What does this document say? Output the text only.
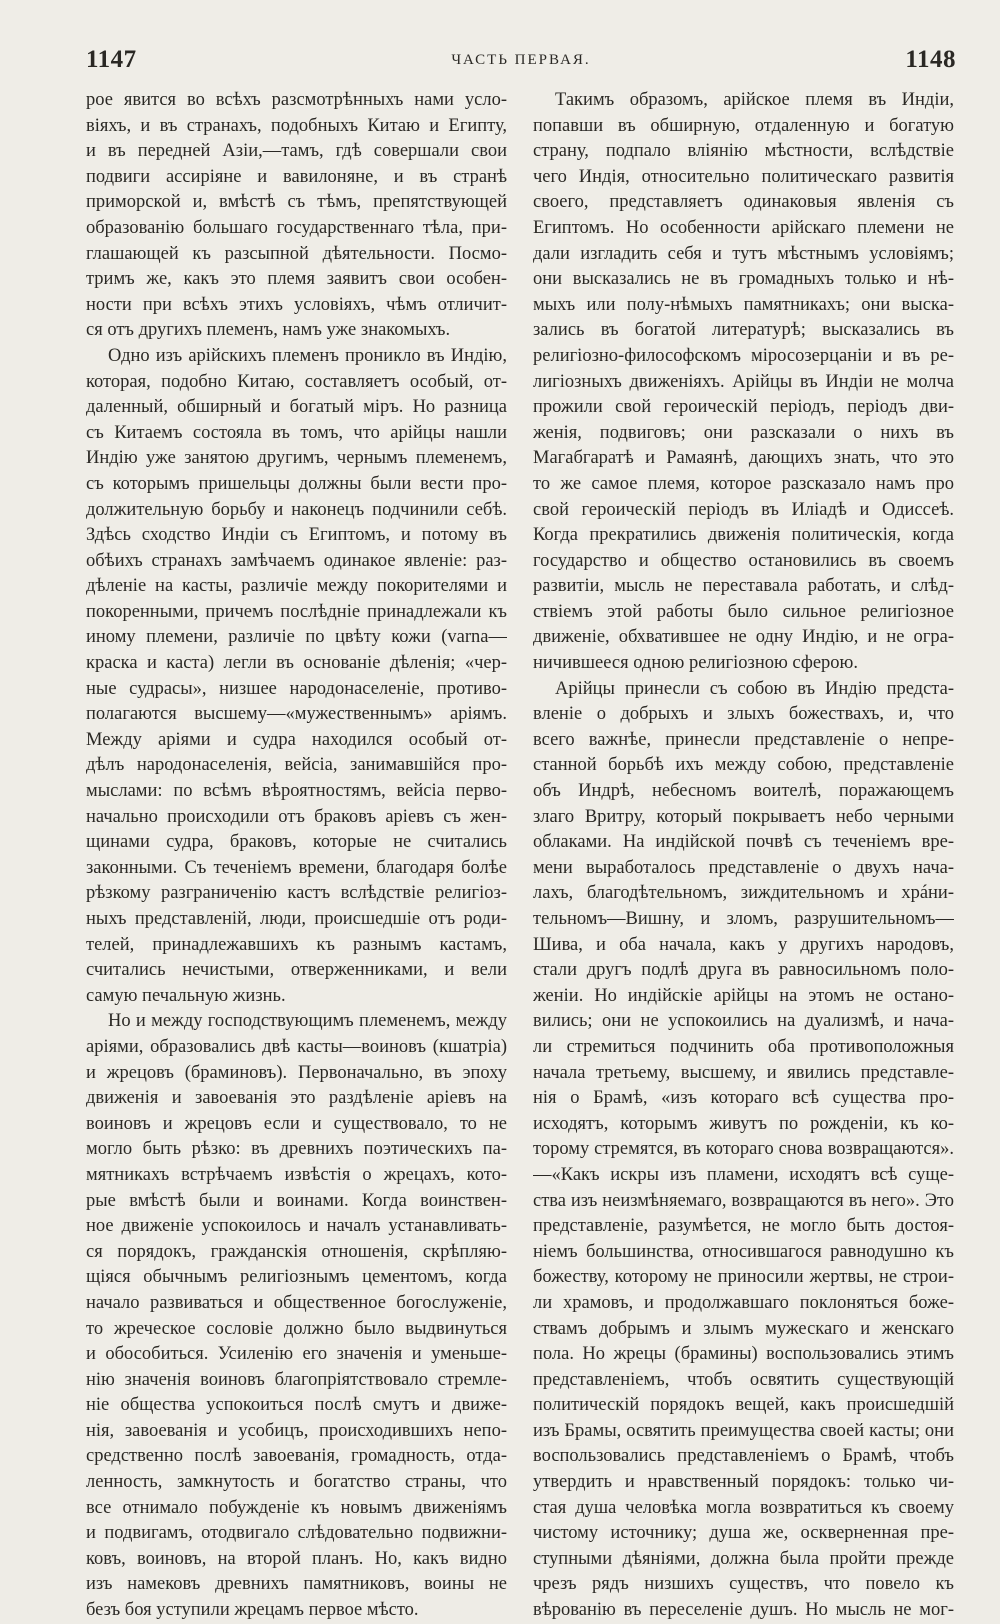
1147	ЧАСТЬ ПЕРВАЯ.	1148
рое явится во всѣхъ разсмотрѣнныхъ нами усло-
віяхъ, и въ странахъ, подобныхъ Китаю и Египту,
и въ передней Азіи,—тамъ, гдѣ совершали свои
подвиги ассиріяне и вавилоняне, и въ странѣ
приморской и, вмѣстѣ съ тѣмъ, препятствующей
образованію большаго государственнаго тѣла, при-
глашающей къ разсыпной дѣятельности. Посмо-
тримъ же, какъ это племя заявитъ свои особен-
ности при всѣхъ этихъ условіяхъ, чѣмъ отличит-
ся отъ другихъ племенъ, намъ уже знакомыхъ.
Одно изъ арійскихъ племенъ проникло въ Индію,
которая, подобно Китаю, составляетъ особый, от-
даленный, обширный и богатый міръ. Но разница
съ Китаемъ состояла въ томъ, что арійцы нашли
Индію уже занятою другимъ, чернымъ племенемъ,
съ которымъ пришельцы должны были вести про-
должительную борьбу и наконецъ подчинили себѣ.
Здѣсь сходство Индіи съ Египтомъ, и потому въ
обѣихъ странахъ замѣчаемъ одинакое явленіе: раз-
дѣленіе на касты, различіе между покорителями и
покоренными, причемъ послѣдніе принадлежали къ
иному племени, различіе по цвѣту кожи (varna—
краска и каста) легли въ основаніе дѣленія; «чер-
ные судрасы», низшее народонаселеніе, противо-
полагаются высшему—«мужественнымъ» аріямъ.
Между аріями и судра находился особый от-
дѣлъ народонаселенія, вейсіа, занимавшійся про-
мыслами: по всѣмъ вѣроятностямъ, вейсіа перво-
начально происходили отъ браковъ аріевъ съ жен-
щинами судра, браковъ, которые не считались
законными. Съ теченіемъ времени, благодаря болѣе
рѣзкому разграниченію кастъ вслѣдствіе религіоз-
ныхъ представленій, люди, происшедшіе отъ роди-
телей, принадлежавшихъ къ разнымъ кастамъ,
считались нечистыми, отверженниками, и вели
самую печальную жизнь.
Но и между господствующимъ племенемъ, между
аріями, образовались двѣ касты—воиновъ (кшатріа)
и жрецовъ (браминовъ). Первоначально, въ эпоху
движенія и завоеванія это раздѣленіе аріевъ на
воиновъ и жрецовъ если и существовало, то не
могло быть рѣзко: въ древнихъ поэтическихъ па-
мятникахъ встрѣчаемъ извѣстія о жрецахъ, кото-
рые вмѣстѣ были и воинами. Когда воинствен-
ное движеніе успокоилось и началъ устанавливать-
ся порядокъ, гражданскія отношенія, скрѣпляю-
щіяся обычнымъ религіознымъ цементомъ, когда
начало развиваться и общественное богослуженіе,
то жреческое сословіе должно было выдвинуться
и обособиться. Усиленію его значенія и уменьше-
нію значенія воиновъ благопріятствовало стремле-
ніе общества успокоиться послѣ смутъ и движе-
нія, завоеванія и усобицъ, происходившихъ непо-
средственно послѣ завоеванія, громадность, отда-
ленность, замкнутость и богатство страны, что
все отнимало побужденіе къ новымъ движеніямъ
и подвигамъ, отодвигало слѣдовательно подвижни-
ковъ, воиновъ, на второй планъ. Но, какъ видно
изъ намековъ древнихъ памятниковъ, воины не
безъ боя уступили жрецамъ первое мѣсто.
Такимъ образомъ, арійское племя въ Индіи,
попавши въ обширную, отдаленную и богатую
страну, подпало вліянію мѣстности, вслѣдствіе
чего Индія, относительно политическаго развитія
своего, представляетъ одинаковыя явленія съ
Египтомъ. Но особенности арійскаго племени не
дали изгладить себя и тутъ мѣстнымъ условіямъ;
они высказались не въ громадныхъ только и нѣ-
мыхъ или полу-нѣмыхъ памятникахъ; они выска-
зались въ богатой литературѣ; высказались въ
религіозно-философскомъ міросозерцаніи и въ ре-
лигіозныхъ движеніяхъ. Арійцы въ Индіи не молча
прожили свой героическій періодъ, періодъ дви-
женія, подвиговъ; они разсказали о нихъ въ
Магабгаратѣ и Рамаянѣ, дающихъ знать, что это
то же самое племя, которое разсказало намъ про
свой героическій періодъ въ Иліадѣ и Одиссеѣ.
Когда прекратились движенія политическія, когда
государство и общество остановились въ своемъ
развитіи, мысль не переставала работать, и слѣд-
ствіемъ этой работы было сильное религіозное
движеніе, обхватившее не одну Индію, и не огра-
ничившееся одною религіозною сферою.
Арійцы принесли съ собою въ Индію предста-
вленіе о добрыхъ и злыхъ божествахъ, и, что
всего важнѣе, принесли представленіе о непре-
станной борьбѣ ихъ между собою, представленіе
объ Индрѣ, небесномъ воителѣ, поражающемъ
злаго Вритру, который покрываетъ небо черными
облаками. На индійской почвѣ съ теченіемъ вре-
мени выработалось представленіе о двухъ нача-
лахъ, благодѣтельномъ, зиждительномъ и хрáни-
тельномъ—Вишну, и зломъ, разрушительномъ—
Шива, и оба начала, какъ у другихъ народовъ,
стали другъ подлѣ друга въ равносильномъ поло-
женіи. Но индійскіе арійцы на этомъ не остано-
вились; они не успокоились на дуализмѣ, и нача-
ли стремиться подчинить оба противоположныя
начала третьему, высшему, и явились представле-
нія о Брамѣ, «изъ котораго всѣ существа про-
исходятъ, которымъ живутъ по рожденіи, къ ко-
торому стремятся, въ котораго снова возвращаются».
—«Какъ искры изъ пламени, исходятъ всѣ суще-
ства изъ неизмѣняемаго, возвращаются въ него». Это
представленіе, разумѣется, не могло быть достоя-
ніемъ большинства, относившагося равнодушно къ
божеству, которому не приносили жертвы, не строи-
ли храмовъ, и продолжавшаго поклоняться боже-
ствамъ добрымъ и злымъ мужескаго и женскаго
пола. Но жрецы (брамины) воспользовались этимъ
представленіемъ, чтобъ освятить существующій
политическій порядокъ вещей, какъ происшедшій
изъ Брамы, освятить преимущества своей касты; они
воспользовались представленіемъ о Брамѣ, чтобъ
утвердить и нравственный порядокъ: только чи-
стая душа человѣка могла возвратиться къ своему
чистому источнику; душа же, оскверненная пре-
ступными дѣяніями, должна была пройти прежде
чрезъ рядъ низшихъ существъ, что повело къ
вѣрованію въ переселеніе душъ. Но мысль не мог-
